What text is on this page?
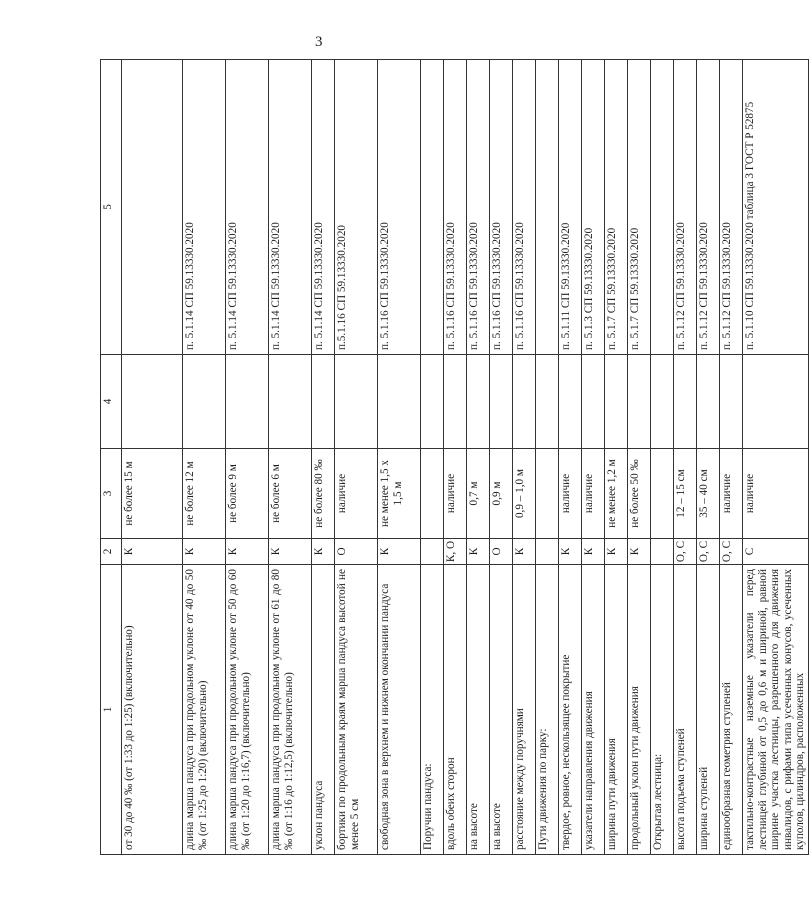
3
1	2	3	4	5
от 30 до 40 ‰ (от 1:33 до 1:25) (включительно)	К	не более 15 м		
длина марша пандуса при продольном уклоне от 40 до 50 ‰ (от 1:25 до 1:20) (включительно)	К	не более 12 м		п. 5.1.14 СП 59.13330.2020
длина марша пандуса при продольном уклоне от 50 до 60 ‰ (от 1:20 до 1:16,7) (включительно)	К	не более 9 м		п. 5.1.14 СП 59.13330.2020
длина марша пандуса при продольном уклоне от 61 до 80 ‰ (от 1:16 до 1:12,5) (включительно)	К	не более 6 м		п. 5.1.14 СП 59.13330.2020
уклон пандуса	К	не более 80 ‰		п. 5.1.14 СП 59.13330.2020
бортики по продольным краям марша пандуса высотой не менее 5 см	О	наличие		п.5.1.16 СП 59.13330.2020
свободная зона в верхнем и нижнем окончании пандуса	К	не менее 1,5 х 1,5 м		п. 5.1.16 СП 59.13330.2020
Поручни пандуса:				
вдоль обеих сторон	К, О	наличие		п. 5.1.16 СП 59.13330.2020
на высоте	К	0,7 м		п. 5.1.16 СП 59.13330.2020
на высоте	О	0,9 м		п. 5.1.16 СП 59.13330.2020
расстояние между поручнями	К	0,9 – 1,0 м		п. 5.1.16 СП 59.13330.2020
Пути движения по парку:				
твердое, ровное, нескользящее покрытие	К	наличие		п. 5.1.11 СП 59.13330.2020
указатели направления движения	К	наличие		п. 5.1.3 СП 59.13330.2020
ширина пути движения	К	не менее 1,2 м		п. 5.1.7 СП 59.13330.2020
продольный уклон пути движения	К	не более 50 ‰		п. 5.1.7 СП 59.13330.2020
Открытая лестница:				
высота подъема ступеней	О, С	12 – 15 см		п. 5.1.12 СП 59.13330.2020
ширина ступеней	О, С	35 – 40 см		п. 5.1.12 СП 59.13330.2020
единообразная геометрия ступеней	О, С	наличие		п. 5.1.12 СП 59.13330.2020
тактильно-контрастные наземные указатели перед лестницей глубиной от 0,5 до 0,6 м и шириной, равной ширине участка лестницы, разрешенного для движения инвалидов, с рифами типа усеченных конусов, усеченных куполов, цилиндров, расположенных	С	наличие		п. 5.1.10 СП 59.13330.2020 таблица 3 ГОСТ Р 52875
